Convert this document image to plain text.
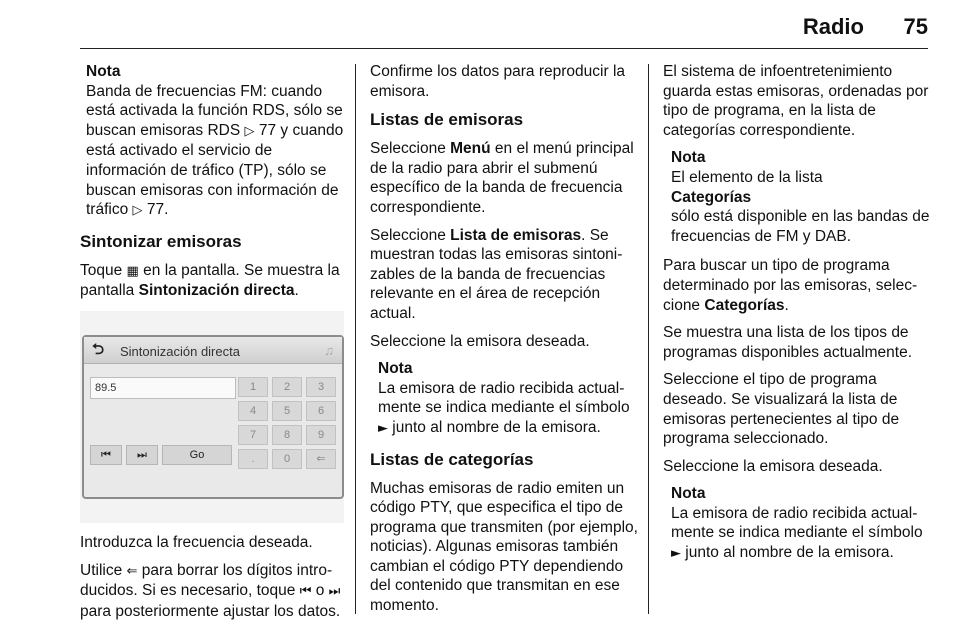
Radio 75
Nota
Banda de frecuencias FM: cuando está activada la función RDS, sólo se buscan emisoras RDS ▷ 77 y cuando está activado el servicio de información de tráfico (TP), sólo se buscan emisoras con información de tráfico ▷ 77.
Sintonizar emisoras

Toque ▦ en la pantalla. Se muestra la pantalla Sintonización directa.

⮌ Sintonización directa	♫
89.5	1	2	3
4	5	6
7	8	9
.	0	⇐
⏮	⏭	Go

Introduzca la frecuencia deseada.

Utilice ⇐ para borrar los dígitos introducidos. Si es necesario, toque ⏮ o ⏭ para posteriormente ajustar los datos.

Confirme los datos para reproducir la emisora.

Listas de emisoras

Seleccione Menú en el menú principal de la radio para abrir el submenú específico de la banda de frecuencia correspondiente.

Seleccione Lista de emisoras. Se muestran todas las emisoras sintonizables de la banda de frecuencias relevante en el área de recepción actual.

Seleccione la emisora deseada.

Nota
La emisora de radio recibida actualmente se indica mediante el símbolo ► junto al nombre de la emisora.
Listas de categorías

Muchas emisoras de radio emiten un código PTY, que especifica el tipo de programa que transmiten (por ejemplo, noticias). Algunas emisoras también cambian el código PTY dependiendo del contenido que transmitan en ese momento.

El sistema de infoentretenimiento guarda estas emisoras, ordenadas por tipo de programa, en la lista de categorías correspondiente.

Nota
El elemento de la lista
Categorías
sólo está disponible en las bandas de frecuencias de FM y DAB.

Para buscar un tipo de programa determinado por las emisoras, seleccione Categorías.

Se muestra una lista de los tipos de programas disponibles actualmente.

Seleccione el tipo de programa deseado. Se visualizará la lista de emisoras pertenecientes al tipo de programa seleccionado.

Seleccione la emisora deseada.

Nota
La emisora de radio recibida actualmente se indica mediante el símbolo ► junto al nombre de la emisora.
